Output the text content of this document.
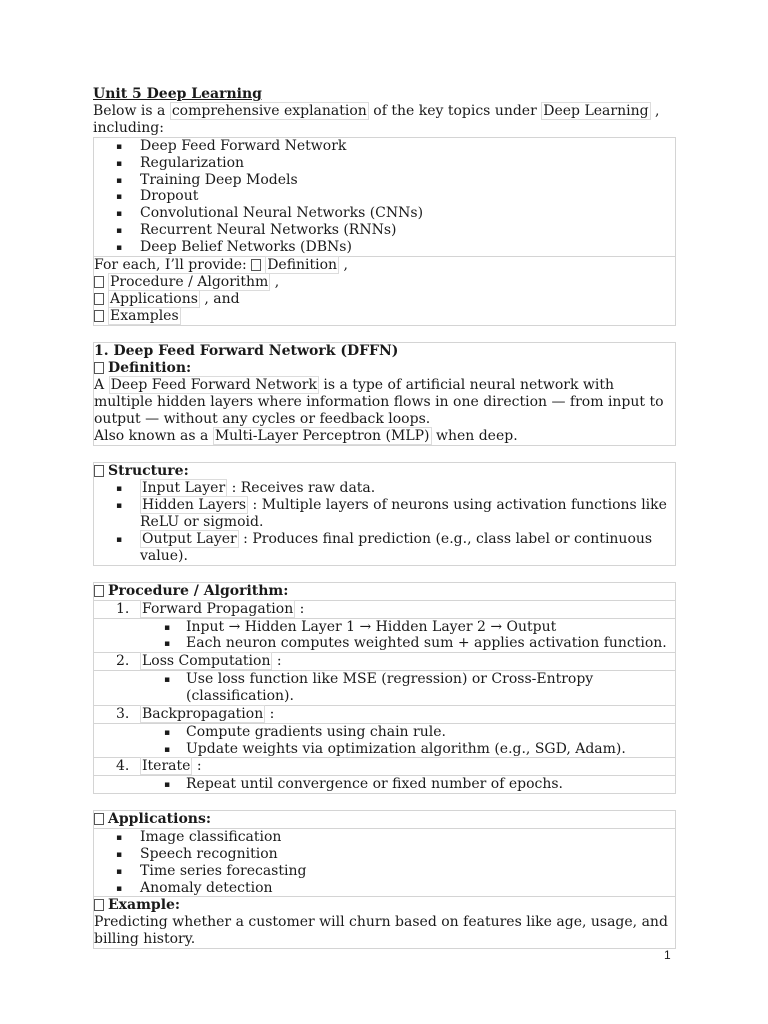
Unit 5 Deep Learning
Below is a comprehensive explanation of the key topics under Deep Learning , including:
▪ Deep Feed Forward Network
▪ Regularization
▪ Training Deep Models
▪ Dropout
▪ Convolutional Neural Networks (CNNs)
▪ Recurrent Neural Networks (RNNs)
▪ Deep Belief Networks (DBNs)
For each, I’ll provide: Definition ,
Procedure / Algorithm ,
Applications , and
Examples
1. Deep Feed Forward Network (DFFN)
Definition:
A Deep Feed Forward Network is a type of artificial neural network with multiple hidden layers where information flows in one direction — from input to output — without any cycles or feedback loops.
Also known as a Multi-Layer Perceptron (MLP) when deep.
Structure:
▪ Input Layer : Receives raw data.
▪ Hidden Layers : Multiple layers of neurons using activation functions like ReLU or sigmoid.
▪ Output Layer : Produces final prediction (e.g., class label or continuous value).
Procedure / Algorithm:
1. Forward Propagation :
▪ Input → Hidden Layer 1 → Hidden Layer 2 → Output
▪ Each neuron computes weighted sum + applies activation function.
2. Loss Computation :
▪ Use loss function like MSE (regression) or Cross-Entropy (classification).
3. Backpropagation :
▪ Compute gradients using chain rule.
▪ Update weights via optimization algorithm (e.g., SGD, Adam).
4. Iterate :
▪ Repeat until convergence or fixed number of epochs.
Applications:
▪ Image classification
▪ Speech recognition
▪ Time series forecasting
▪ Anomaly detection
Example:
Predicting whether a customer will churn based on features like age, usage, and billing history.
1
